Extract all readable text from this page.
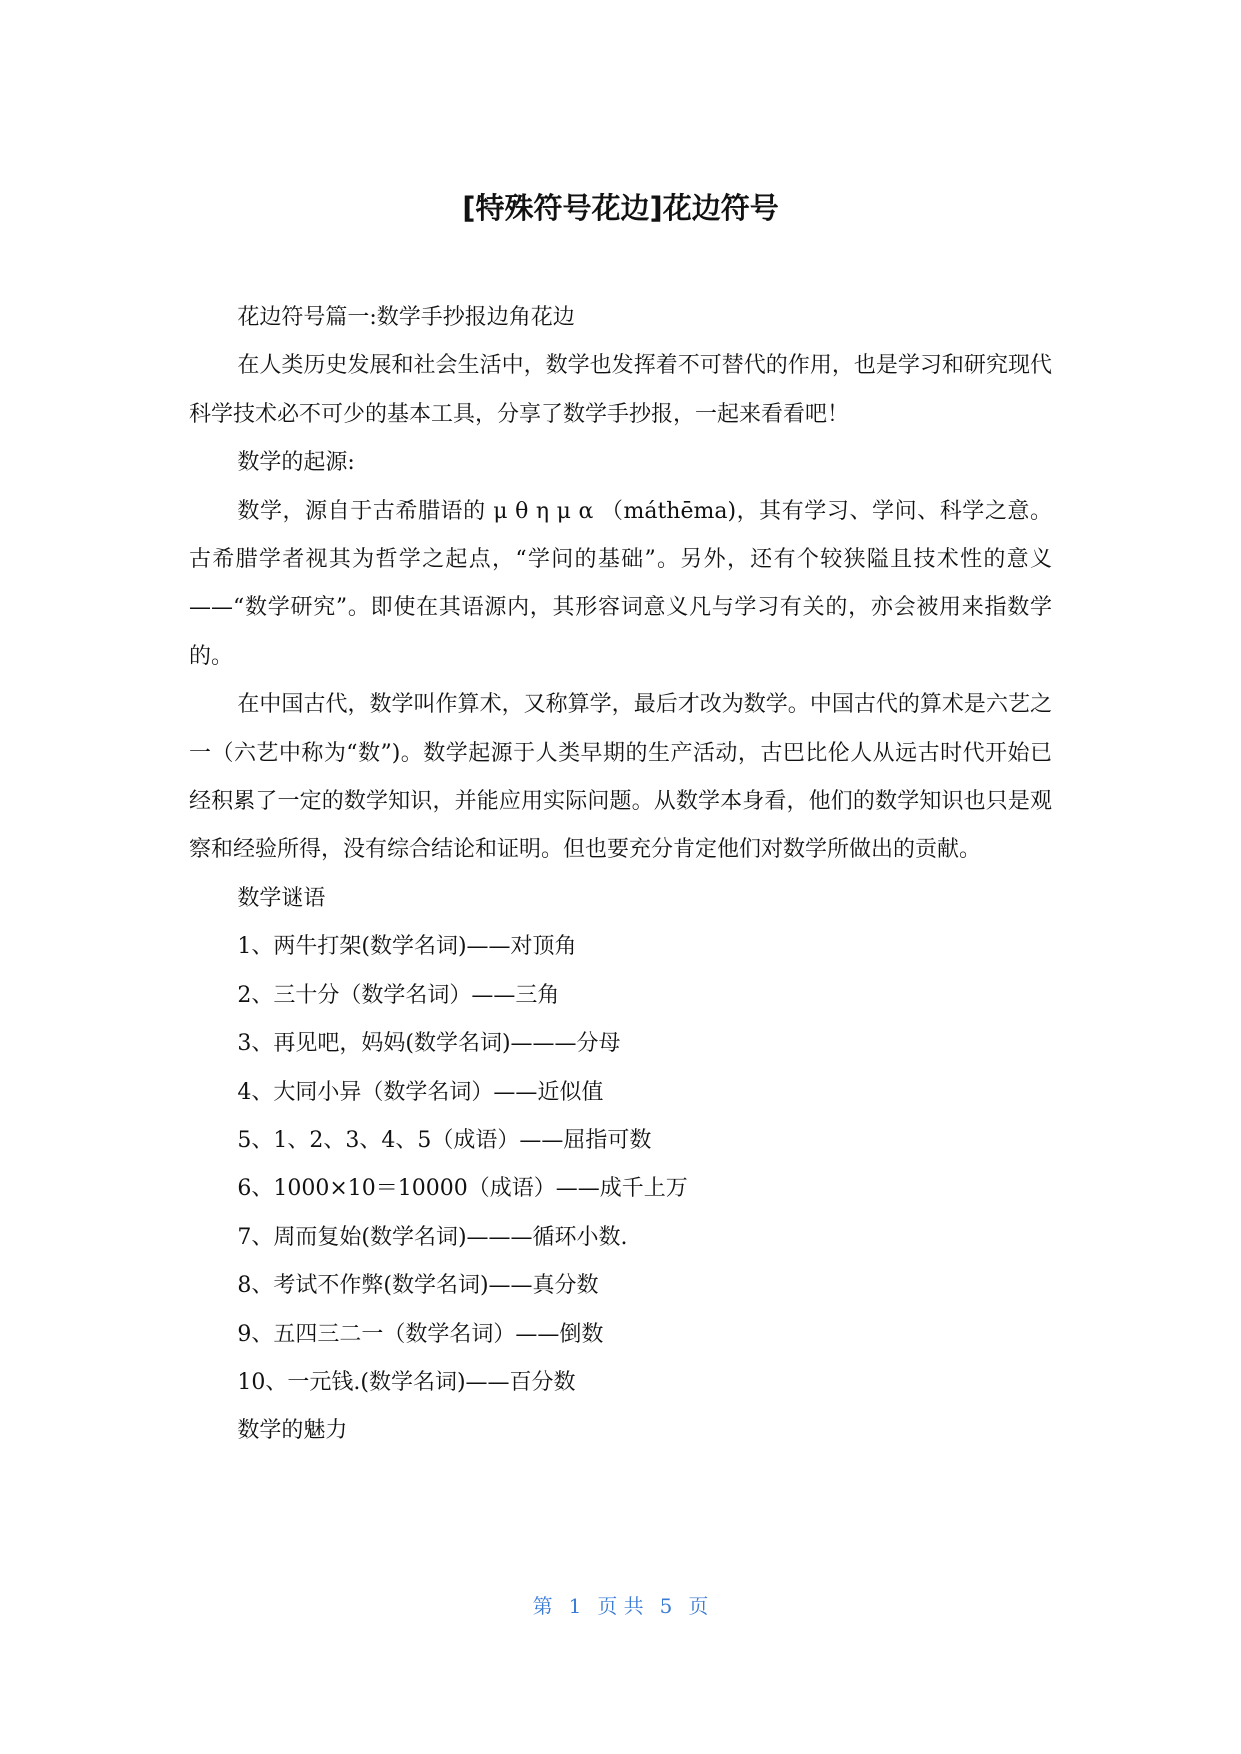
[特殊符号花边]花边符号

花边符号篇一:数学手抄报边角花边

在人类历史发展和社会生活中，数学也发挥着不可替代的作用，也是学习和研究现代科学技术必不可少的基本工具，分享了数学手抄报，一起来看看吧！

数学的起源:

数学，源自于古希腊语的 μ θ η μ α （máthēma)，其有学习、学问、科学之意。古希腊学者视其为哲学之起点，“学问的基础”。另外，还有个较狭隘且技术性的意义——“数学研究”。即使在其语源内，其形容词意义凡与学习有关的，亦会被用来指数学的。

在中国古代，数学叫作算术，又称算学，最后才改为数学。中国古代的算术是六艺之一（六艺中称为“数”)。数学起源于人类早期的生产活动，古巴比伦人从远古时代开始已经积累了一定的数学知识，并能应用实际问题。从数学本身看，他们的数学知识也只是观察和经验所得，没有综合结论和证明。但也要充分肯定他们对数学所做出的贡献。

数学谜语

1、两牛打架(数学名词)——对顶角

2、三十分（数学名词）——三角

3、再见吧，妈妈(数学名词)———分母

4、大同小异（数学名词）——近似值

5、1、2、3、4、5（成语）——屈指可数

6、1000×10＝10000（成语）——成千上万

7、周而复始(数学名词)———循环小数.

8、考试不作弊(数学名词)——真分数

9、五四三二一（数学名词）——倒数

10、一元钱.(数学名词)——百分数

数学的魅力

第 1 页 共 5 页
